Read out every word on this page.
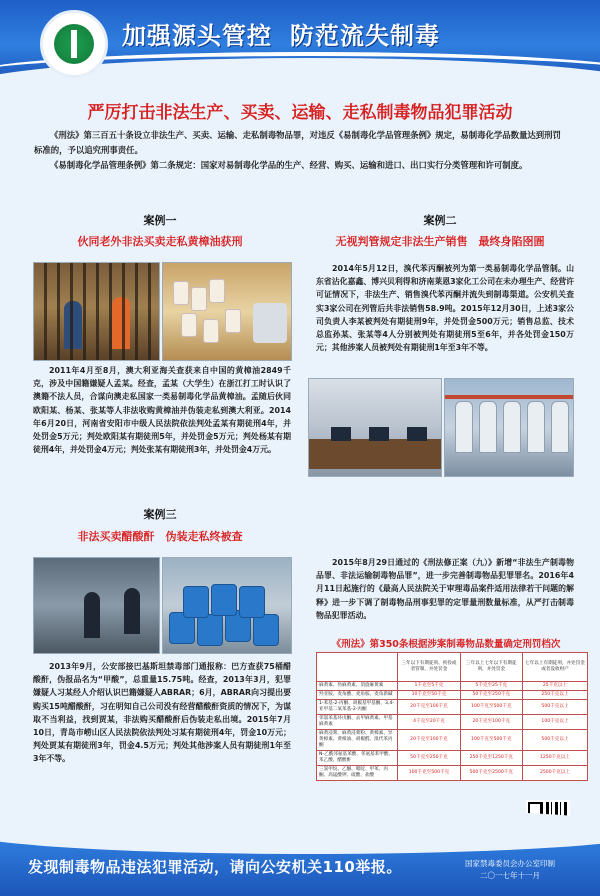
加强源头管控 防范流失制毒
严厉打击非法生产、买卖、运输、走私制毒物品犯罪活动

《刑法》第三百五十条设立非法生产、买卖、运输、走私制毒物品罪，对违反《易制毒化学品管理条例》规定，易制毒化学品数量达到刑罚标准的，予以追究刑事责任。

《易制毒化学品管理条例》第二条规定：国家对易制毒化学品的生产、经营、购买、运输和进口、出口实行分类管理和许可制度。

案例一
伙同老外非法买卖走私黄樟油获刑

2011年4月至8月，澳大利亚海关查获来自中国的黄樟油2849千克，涉及中国籍嫌疑人孟某。经查，孟某（大学生）在浙江打工时认识了澳籍不法人员，合谋向澳走私国家一类易制毒化学品黄樟油。孟随后伙同欧阳某、杨某、张某等人非法收购黄樟油并伪装走私到澳大利亚。2014年6月20日，河南省安阳市中级人民法院依法判处孟某有期徒刑4年，并处罚金5万元；判处欧阳某有期徒刑5年，并处罚金5万元；判处杨某有期徒刑4年，并处罚金4万元；判处张某有期徒刑3年，并处罚金4万元。

案例二
无视判管规定非法生产销售　最终身陷囹圄

2014年5月12日，溴代苯丙酮被列为第一类易制毒化学品管制。山东省沾化嘉鑫、博兴贝利得和济南莱恩3家化工公司在未办理生产、经营许可证情况下，非法生产、销售溴代苯丙酮并流失到制毒渠道。公安机关查实3家公司在列管后共非法销售58.9吨。2015年12月30日，上述3家公司负责人李某被判处有期徒刑9年，并处罚金500万元；销售总监、技术总监孙某、张某等4人分别被判处有期徒刑5至6年，并各处罚金150万元；其他涉案人员被判处有期徒刑1年至3年不等。

案例三
非法买卖醋酸酐　伪装走私终被查

2013年9月，公安部接巴基斯坦禁毒部门通报称：巴方查获75桶醋酸酐，伪报品名为“甲酸”，总重量15.75吨。经查，2013年3月，犯罪嫌疑人习某经人介绍认识巴籍嫌疑人ABRAR；6月，ABRAR向习提出要购买15吨醋酸酐，习在明知自己公司没有经营醋酸酐资质的情况下，为谋取不当利益，找到贾某，非法购买醋酸酐后伪装走私出境。2015年7月10日，青岛市崂山区人民法院依法判处习某有期徒刑4年，罚金10万元；判处贾某有期徒刑3年，罚金4.5万元；判处其他涉案人员有期徒刑1年至3年不等。

2015年8月29日通过的《刑法修正案（九）》新增“非法生产制毒物品罪、非法运输制毒物品罪”，进一步完善制毒物品犯罪罪名。2016年4月11日起施行的《最高人民法院关于审理毒品案件适用法律若干问题的解释》进一步下调了制毒物品刑事犯罪的定罪量刑数量标准，从严打击制毒物品犯罪活动。

《刑法》第350条根据涉案制毒物品数量确定刑罚档次
	三年以下有期徒刑、拘役或者管制，并处罚金	三年以上七年以下有期徒刑，并处罚金	七年以上有期徒刑，并处罚金或者没收财产
麻黄素、伪麻黄素、消旋麻黄素	1千克至5千克	5千克至25千克	25千克以上
羟亚胺、麦角酸、麦角胺、麦角新碱	10千克至50千克	50千克至250千克	250千克以上
1-苯基-2-丙酮、胡椒基甲基酮、3,4-亚甲基二氧苯基-2-丙酮	20千克至100千克	100千克至500千克	500千克以上
邻氯苯基环戊酮、去甲麻黄素、甲基麻黄素	4千克至20千克	20千克至100千克	100千克以上
麻黄浸膏、麻黄浸膏粉、黄樟素、异黄樟素、黄樟油、胡椒醛、溴代苯丙酮	20千克至100千克	100千克至500千克	500千克以上
N-乙酰邻氨基苯酸、邻氨基苯甲酸、苯乙酸、醋酸酐	50千克至250千克	250千克至1250千克	1250千克以上
三氯甲烷、乙醚、哌啶、甲苯、丙酮、高锰酸钾、硫酸、盐酸	100千克至500千克	500千克至2500千克	2500千克以上
发现制毒物品违法犯罪活动，请向公安机关110举报。	国家禁毒委员会办公室印制
二〇一七年十一月
